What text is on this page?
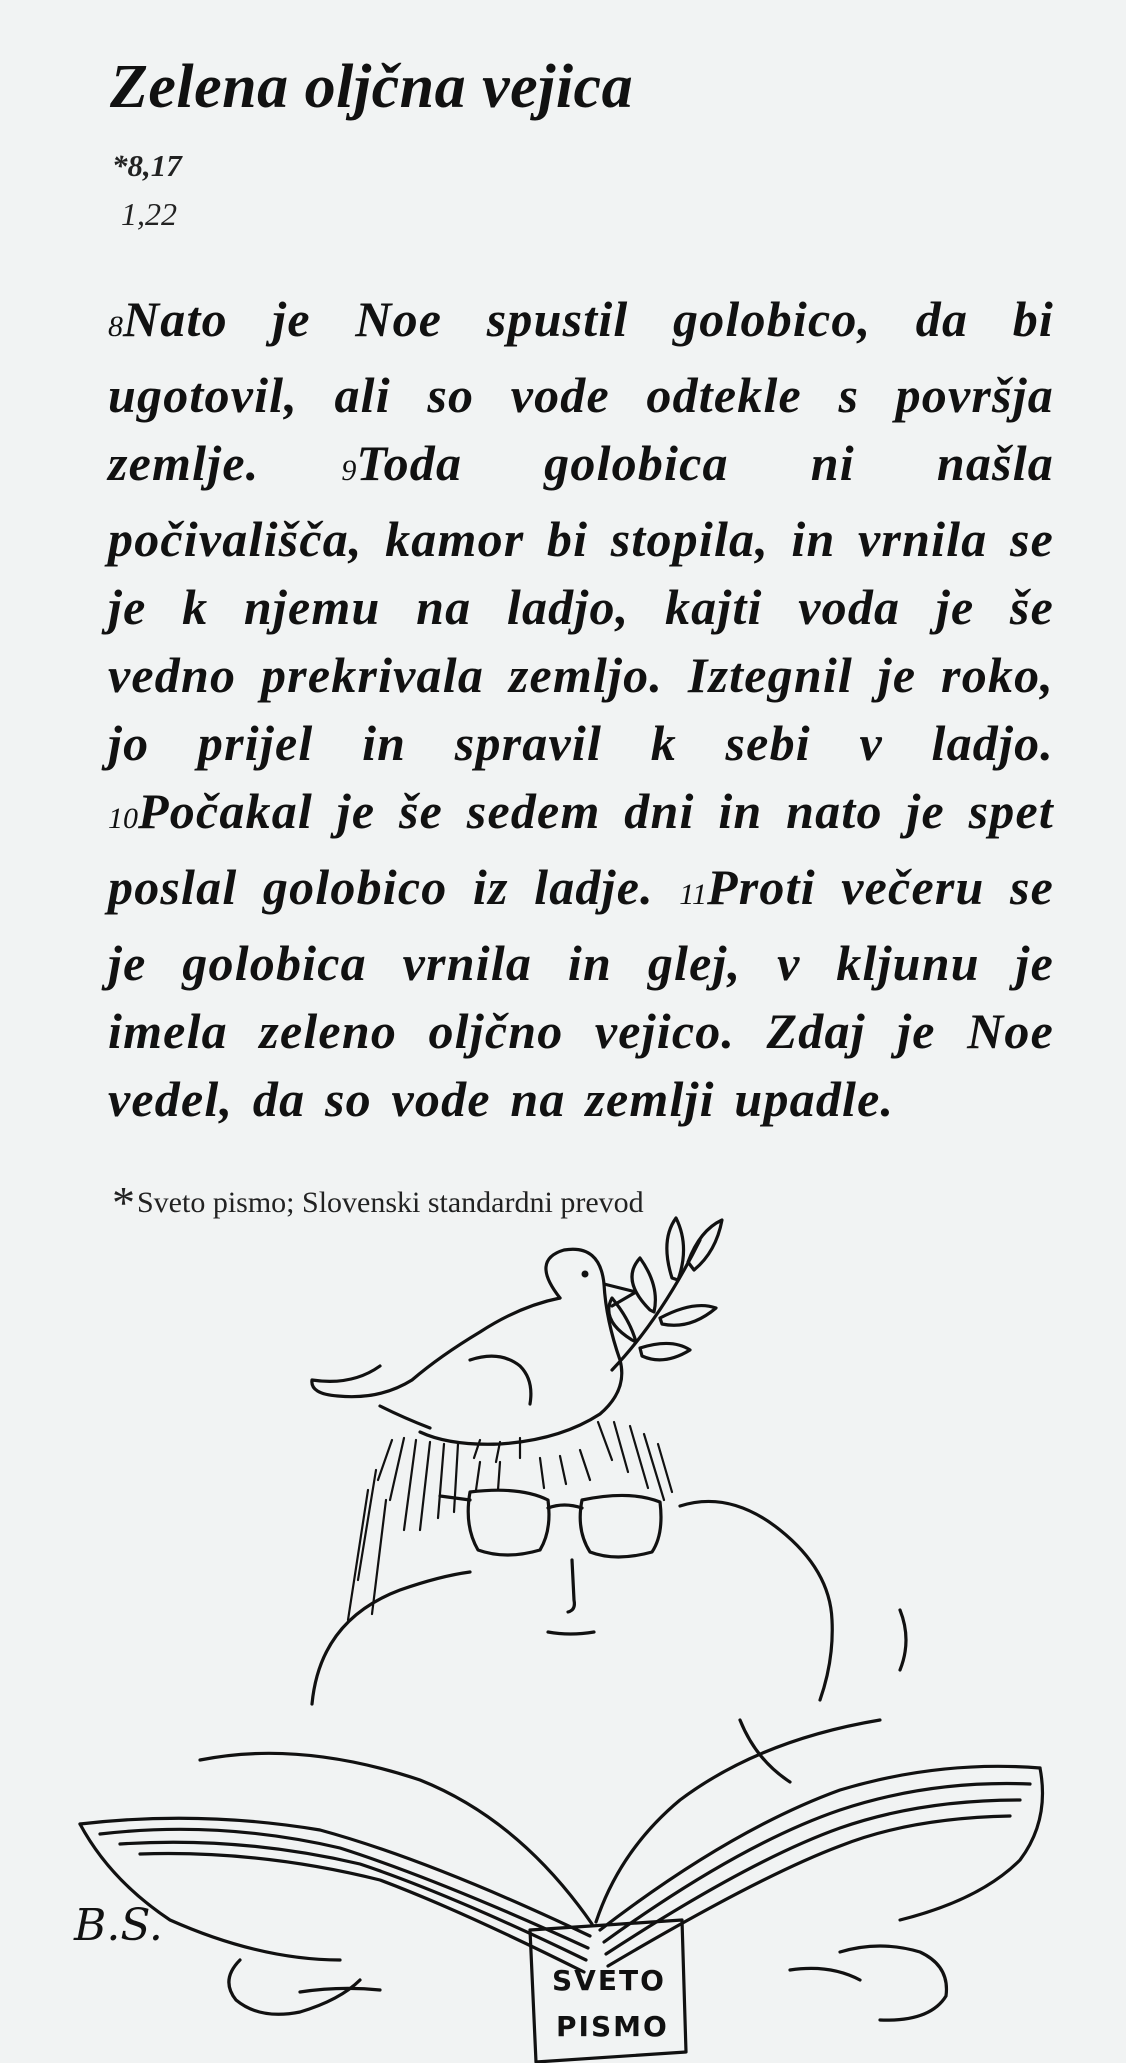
Zelena oljčna vejica
*8,17
1,22

8Nato je Noe spustil golobico, da bi ugotovil, ali so vode odtekle s površja zemlje. 9Toda golobica ni našla počivališča, kamor bi stopila, in vrnila se je k njemu na ladjo, kajti voda je še vedno prekrivala zemljo. Iztegnil je roko, jo prijel in spravil k sebi v ladjo. 10Počakal je še sedem dni in nato je spet poslal golobico iz ladje. 11Proti večeru se je golobica vrnila in glej, v kljunu je imela zeleno oljčno vejico. Zdaj je Noe vedel, da so vode na zemlji upadle.

*Sveto pismo; Slovenski standardni prevod
SVETO
PISMO
B.S.
